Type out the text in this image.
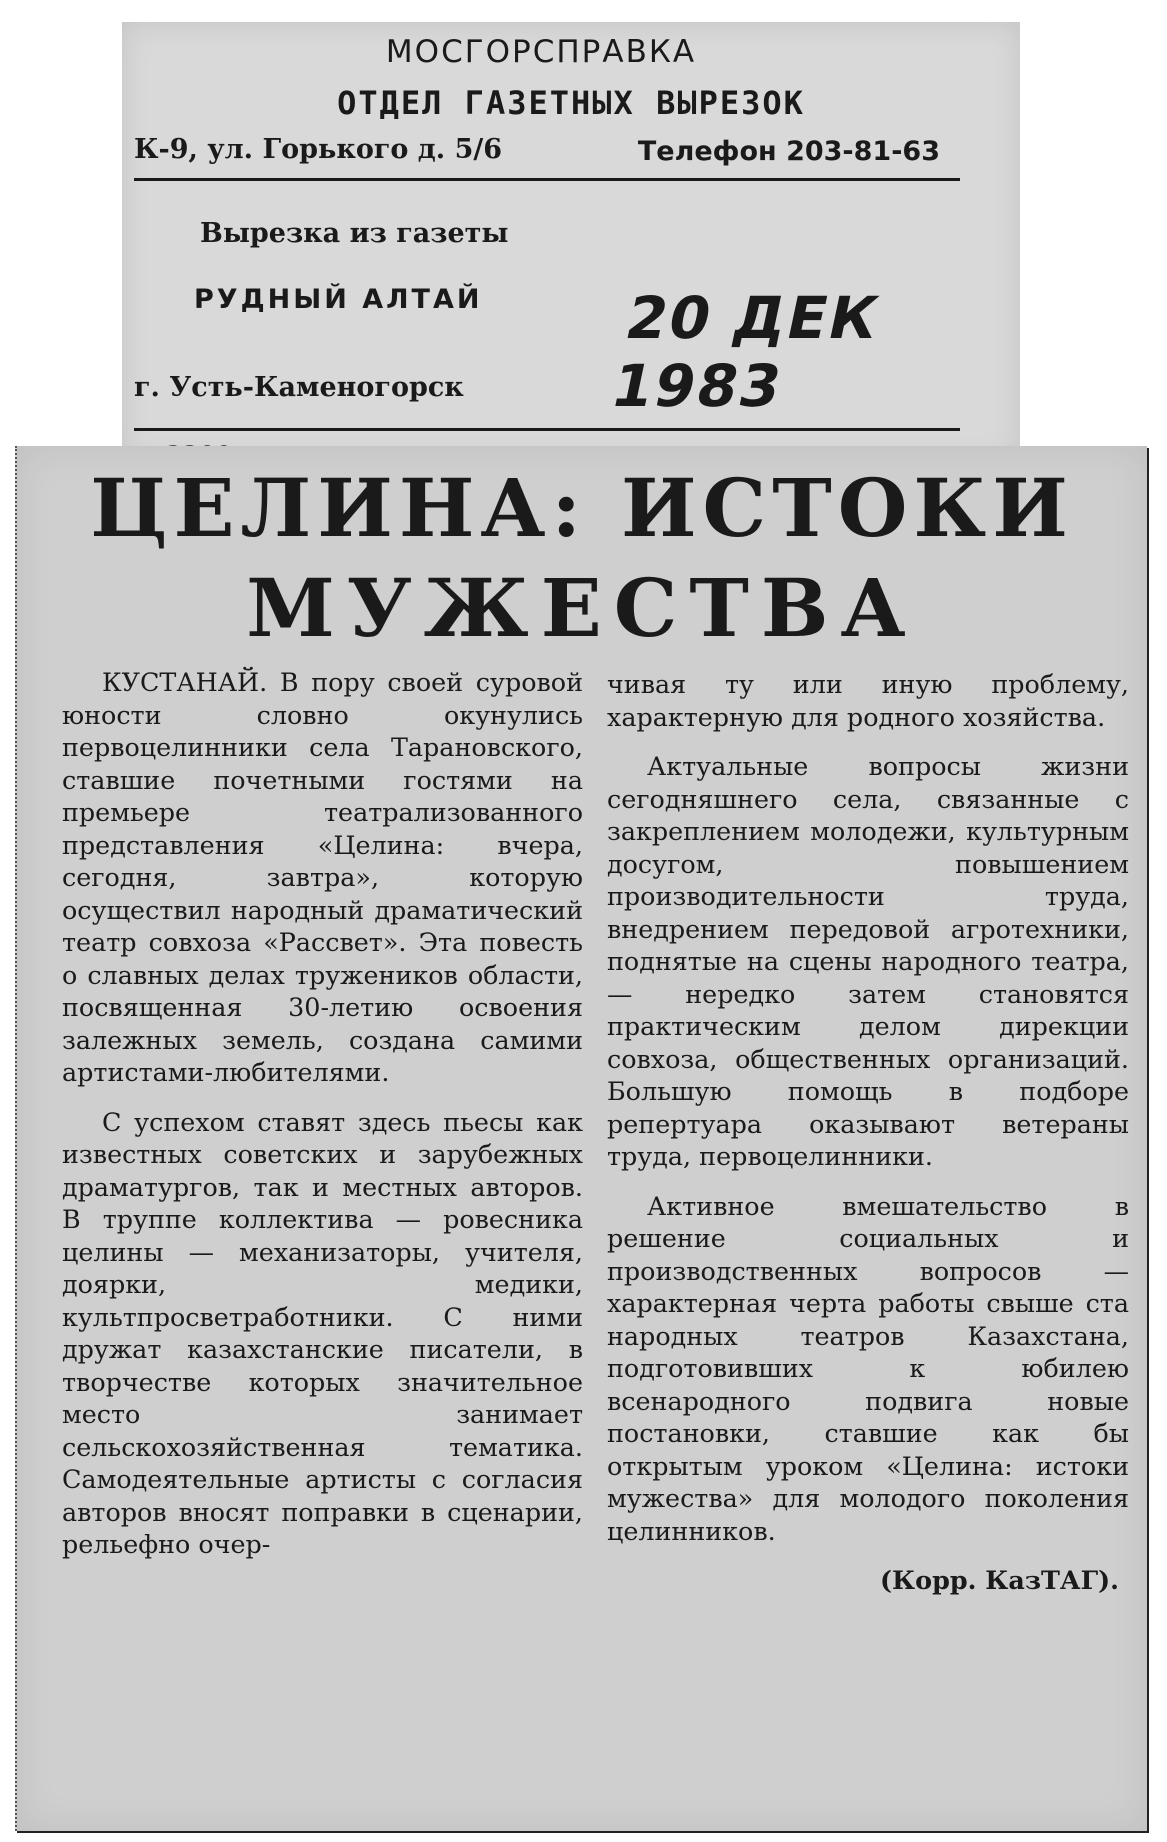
МОСГОРСПРАВКА
ОТДЕЛ ГАЗЕТНЫХ ВЫРЕЗОК
К-9, ул. Горького д. 5/6	Телефон 203-81-63
Вырезка из газеты
РУДНЫЙ АЛТАЙ 20 ДЕК 1983
г. Усть-Каменогорск
ЦЕЛИНА: ИСТОКИ
МУЖЕСТВА

КУСТАНАЙ. В пору своей суровой юности словно окунулись первоцелинники села Тарановского, ставшие почетными гостями на премьере театрализованного представления «Целина: вчера, сегодня, завтра», которую осуществил народный драматический театр совхоза «Рассвет». Эта повесть о славных делах тружеников области, посвященная 30-летию освоения залежных земель, создана самими артистами-любителями.

С успехом ставят здесь пьесы как известных советских и зарубежных драматургов, так и местных авторов. В труппе коллектива — ровесника целины — механизаторы, учителя, доярки, медики, культпросветработники. С ними дружат казахстанские писатели, в творчестве которых значительное место занимает сельскохозяйственная тематика. Самодеятельные артисты с согласия авторов вносят поправки в сценарии, рельефно очер-

чивая ту или иную проблему, характерную для родного хозяйства.

Актуальные вопросы жизни сегодняшнего села, связанные с закреплением молодежи, культурным досугом, повышением производительности труда, внедрением передовой агротехники, поднятые на сцены народного театра, — нередко затем становятся практическим делом дирекции совхоза, общественных организаций. Большую помощь в подборе репертуара оказывают ветераны труда, первоцелинники.

Активное вмешательство в решение социальных и производственных вопросов — характерная черта работы свыше ста народных театров Казахстана, подготовивших к юбилею всенародного подвига новые постановки, ставшие как бы открытым уроком «Целина: истоки мужества» для молодого поколения целинников.

(Корр. КазТАГ).
